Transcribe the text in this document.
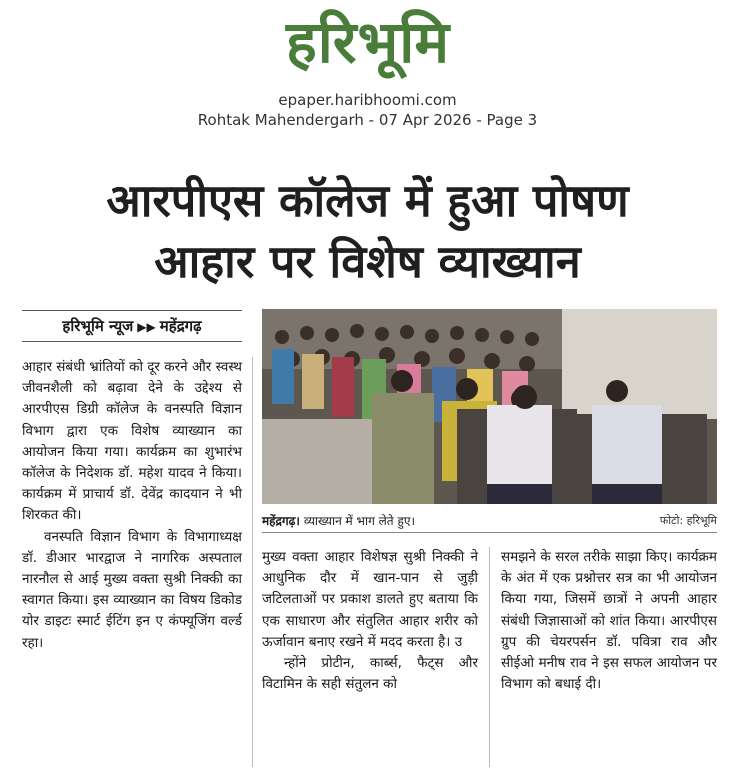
हरिभूमि
epaper.haribhoomi.com
Rohtak Mahendergarh - 07 Apr 2026 - Page 3
आरपीएस कॉलेज में हुआ पोषण
आहार पर विशेष व्याख्यान
हरिभूमि न्यूज ▶▶ महेंद्रगढ़
महेंद्रगढ़। व्याख्यान में भाग लेते हुए।	फोटो: हरिभूमि

आहार संबंधी भ्रांतियों को दूर करने और स्वस्थ जीवनशैली को बढ़ावा देने के उद्देश्य से आरपीएस डिग्री कॉलेज के वनस्पति विज्ञान विभाग द्वारा एक विशेष व्याख्यान का आयोजन किया गया। कार्यक्रम का शुभारंभ कॉलेज के निदेशक डॉ. महेश यादव ने किया। कार्यक्रम में प्राचार्य डॉ. देवेंद्र कादयान ने भी शिरकत की।

वनस्पति विज्ञान विभाग के विभागाध्यक्ष डॉ. डीआर भारद्वाज ने नागरिक अस्पताल नारनौल से आई मुख्य वक्ता सुश्री निक्की का स्वागत किया। इस व्याख्यान का विषय डिकोड योर डाइटः स्मार्ट ईटिंग इन ए कंफ्यूजिंग वर्ल्ड रहा।

मुख्य वक्ता आहार विशेषज्ञ सुश्री निक्की ने आधुनिक दौर में खान-पान से जुड़ी जटिलताओं पर प्रकाश डालते हुए बताया कि एक साधारण और संतुलित आहार शरीर को ऊर्जावान बनाए रखने में मदद करता है। उ

न्होंने प्रोटीन, कार्ब्स, फैट्स और विटामिन के सही संतुलन को

समझने के सरल तरीके साझा किए। कार्यक्रम के अंत में एक प्रश्नोत्तर सत्र का भी आयोजन किया गया, जिसमें छात्रों ने अपनी आहार संबंधी जिज्ञासाओं को शांत किया। आरपीएस ग्रुप की चेयरपर्सन डॉ. पवित्रा राव और सीईओ मनीष राव ने इस सफल आयोजन पर विभाग को बधाई दी।
